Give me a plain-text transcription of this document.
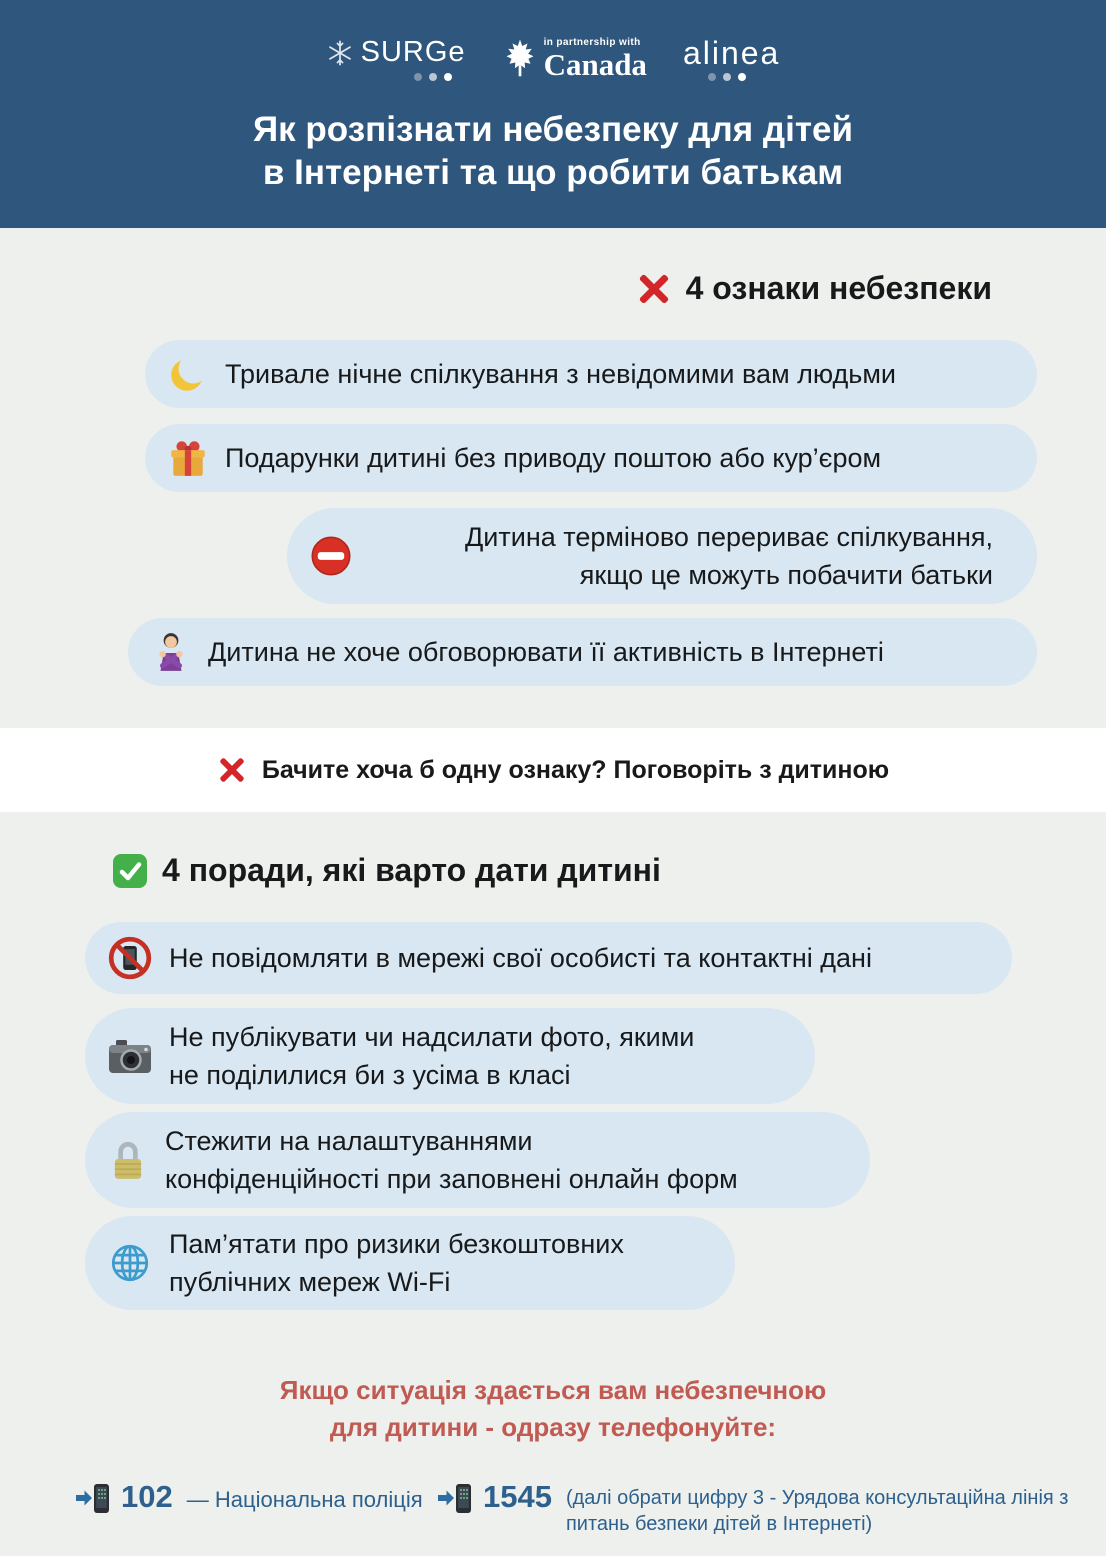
SURGe	in partnership with
Canada alinea
Як розпізнати небезпеку для дітей
в Інтернеті та що робити батькам
4 ознаки небезпеки
Тривале нічне спілкування з невідомими вам людьми
Подарунки дитині без приводу поштою або кур’єром
Дитина терміново перериває спілкування,
якщо це можуть побачити батьки
Дитина не хоче обговорювати її активність в Інтернеті
Бачите хоча б одну ознаку? Поговоріть з дитиною
4 поради, які варто дати дитині
Не повідомляти в мережі свої особисті та контактні дані
Не публікувати чи надсилати фото, якими
не поділилися би з усіма в класі
Стежити на налаштуваннями
конфіденційності при заповнені онлайн форм
Пам’ятати про ризики безкоштовних
публічних мереж Wi-Fi
Якщо ситуація здається вам небезпечною
для дитини - одразу телефонуйте:
102 — Національна поліція 1545 (далі обрати цифру 3 - Урядова консультаційна лінія з питань безпеки дітей в Інтернеті)
